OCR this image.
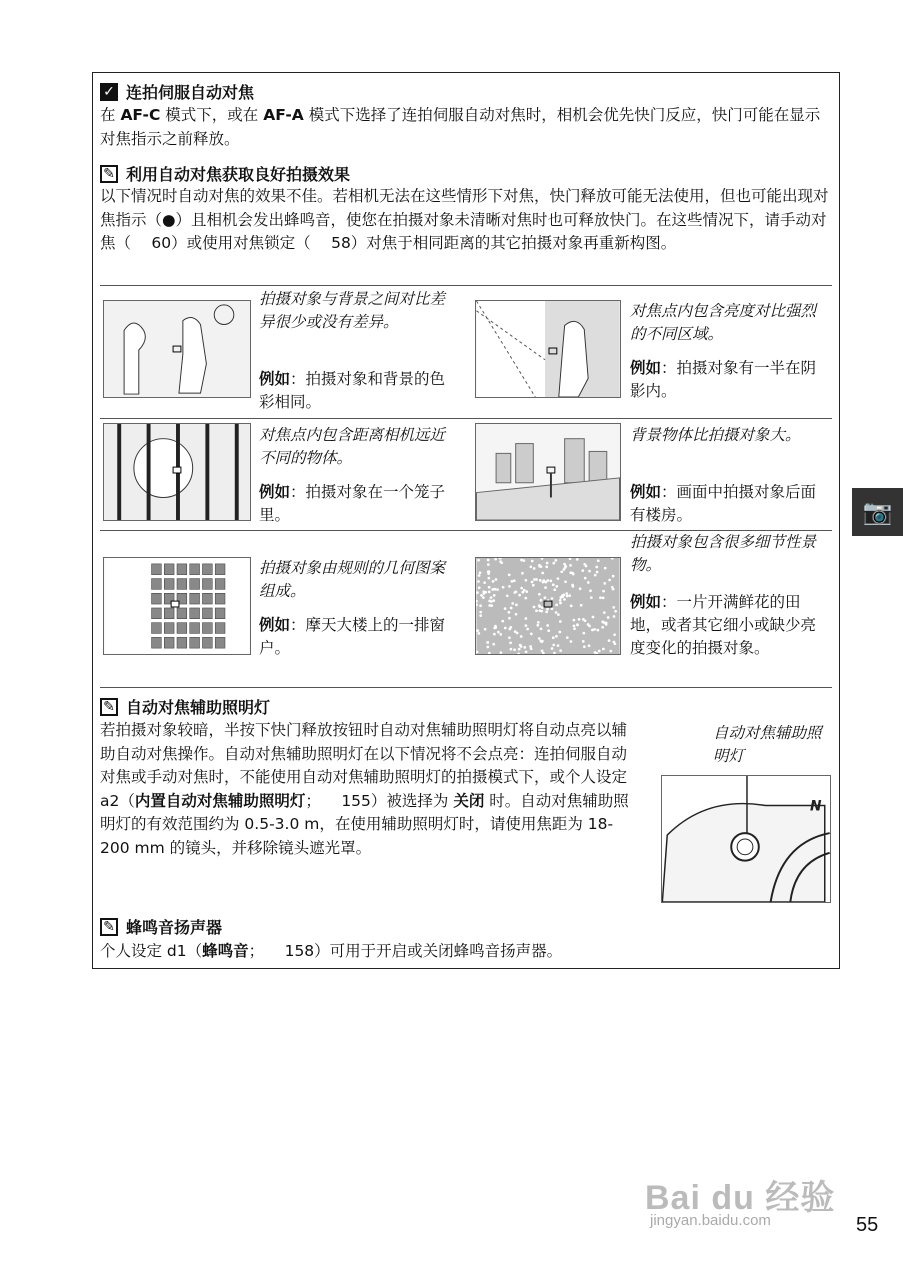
✓ 连拍伺服自动对焦
在 AF-C 模式下，或在 AF-A 模式下选择了连拍伺服自动对焦时，相机会优先快门反应，快门可能在显示对焦指示之前释放。
✎ 利用自动对焦获取良好拍摄效果
以下情况时自动对焦的效果不佳。若相机无法在这些情形下对焦，快门释放可能无法使用，但也可能出现对焦指示（●）且相机会发出蜂鸣音，使您在拍摄对象未清晰对焦时也可释放快门。在这些情况下，请手动对焦（   60）或使用对焦锁定（   58）对焦于相同距离的其它拍摄对象再重新构图。
拍摄对象与背景之间对比差异很少或没有差异。
例如：拍摄对象和背景的色彩相同。
对焦点内包含亮度对比强烈的不同区域。
例如：拍摄对象有一半在阴影内。
对焦点内包含距离相机远近不同的物体。
例如：拍摄对象在一个笼子里。
背景物体比拍摄对象大。
例如：画面中拍摄对象后面有楼房。
拍摄对象由规则的几何图案组成。
例如：摩天大楼上的一排窗户。
拍摄对象包含很多细节性景物。
例如：一片开满鲜花的田地，或者其它细小或缺少亮度变化的拍摄对象。
✎ 自动对焦辅助照明灯
若拍摄对象较暗，半按下快门释放按钮时自动对焦辅助照明灯将自动点亮以辅助自动对焦操作。自动对焦辅助照明灯在以下情况将不会点亮：连拍伺服自动对焦或手动对焦时，不能使用自动对焦辅助照明灯的拍摄模式下，或个人设定 a2（内置自动对焦辅助照明灯；   155）被选择为 关闭 时。自动对焦辅助照明灯的有效范围约为 0.5-3.0 m，在使用辅助照明灯时，请使用焦距为 18-200 mm 的镜头，并移除镜头遮光罩。
自动对焦辅助照明灯
N
✎ 蜂鸣音扬声器
个人设定 d1（蜂鸣音；   158）可用于开启或关闭蜂鸣音扬声器。
📷
Bai du 经验
jingyan.baidu.com	55
